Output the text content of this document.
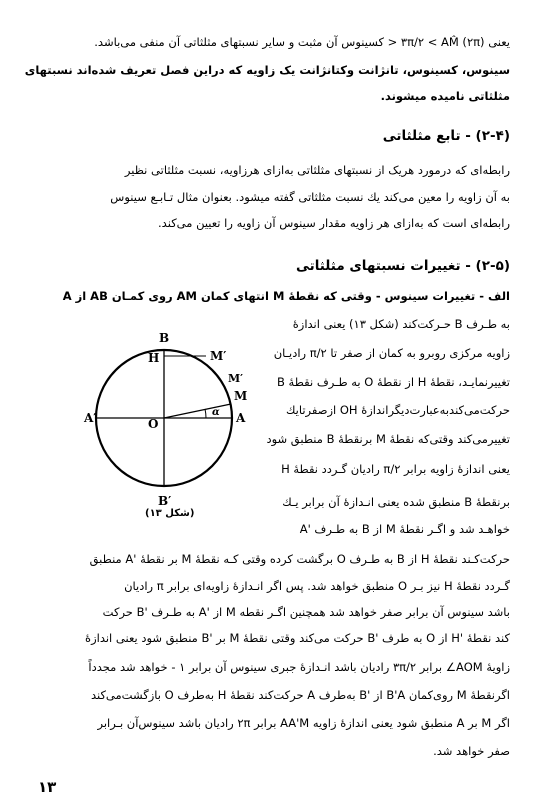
یعنی (۲π) ۳π/۲ < AM̂ < کسینوس آن مثبت و سایر نسبتهای مثلثاتی آن منفی می‌باشد.
سینوس، کسینوس، تانژانت وکتانژانت یک زاویه که دراین فصل تعریف شده‌اند نسبتهای
مثلثاتی نامیده میشوند.
(۲-۴) - تابع مثلثاتی
رابطه‌ای که درمورد هریک از نسبتهای مثلثاتی به‌ازای هرزاویه، نسبت مثلثاتی نظیر
به آن زاویه را معین می‌کند یك نسبت مثلثاتی گفته میشود. بعنوان مثال تـابـع سینوس
رابطه‌ای است که به‌ازای هر زاویه مقدار سینوس آن زاویه را تعیین می‌کند.
(۲-۵) - تغییرات نسبتهای مثلثاتی
الف - تغییرات سینوس - وقتی که نقطهٔ M انتهای کمان AM روی کمـان AB از A
به طـرف B حـرکت‌کند (شکل ۱۳) یعنی اندازهٔ
زاویه مرکزی روبرو به کمان از صفر تا π/۲ رادیـان
تغییرنمایـد، نقطهٔ H از نقطهٔ O به طـرف نقطهٔ B
حرکت‌می‌کندبه‌عبارت‌دیگراندازهٔ OH ازصفرتايك
تغییرمی‌کند وقتی‌که نقطهٔ M برنقطهٔ B منطبق شود
یعنی اندازهٔ زاویه برابر π/۲ رادیان گـردد نقطهٔ H
برنقطهٔ B منطبق شده یعنی انـدازهٔ آن برابر یـك
خواهـد شد و اگـر نقطهٔ M از B به طـرف 'A
B
H	M′
M′
M
A
A′	O
α
B′
(شکل ۱۳)
حرکت‌کـند نقطهٔ H از B به طـرف O برگشت کرده وقتی کـه نقطهٔ M بر نقطهٔ 'A منطبق
گـردد نقطهٔ H نیز بـر O منطبق خواهد شد. پس اگر انـدازهٔ زاویه‌ای برابر π رادیان
باشد سینوس آن برابر صفر خواهد شد همچنین اگـر نقطه M از 'A به طـرف 'B حرکت
کند نقطهٔ 'H از O به طرف 'B حرکت می‌کند وقتی نقطهٔ M بر 'B منطبق شود یعنی اندازهٔ
زاویهٔ AOM∠ برابر ۳π/۲ رادیان باشد انـدازهٔ جبری سینوس آن برابر ۱ - خواهد شد مجدداً
اگرنقطهٔ M روی‌کمان B'A از 'B به‌طرف A حرکت‌کند نقطهٔ H به‌طرف O بازگشت‌می‌کند
اگر M بر A منطبق شود یعنی اندازهٔ زاویه AA'M برابر ۲π رادیان باشد سینوس‌آن بـرابر
صفر خواهد شد.
۱۳
